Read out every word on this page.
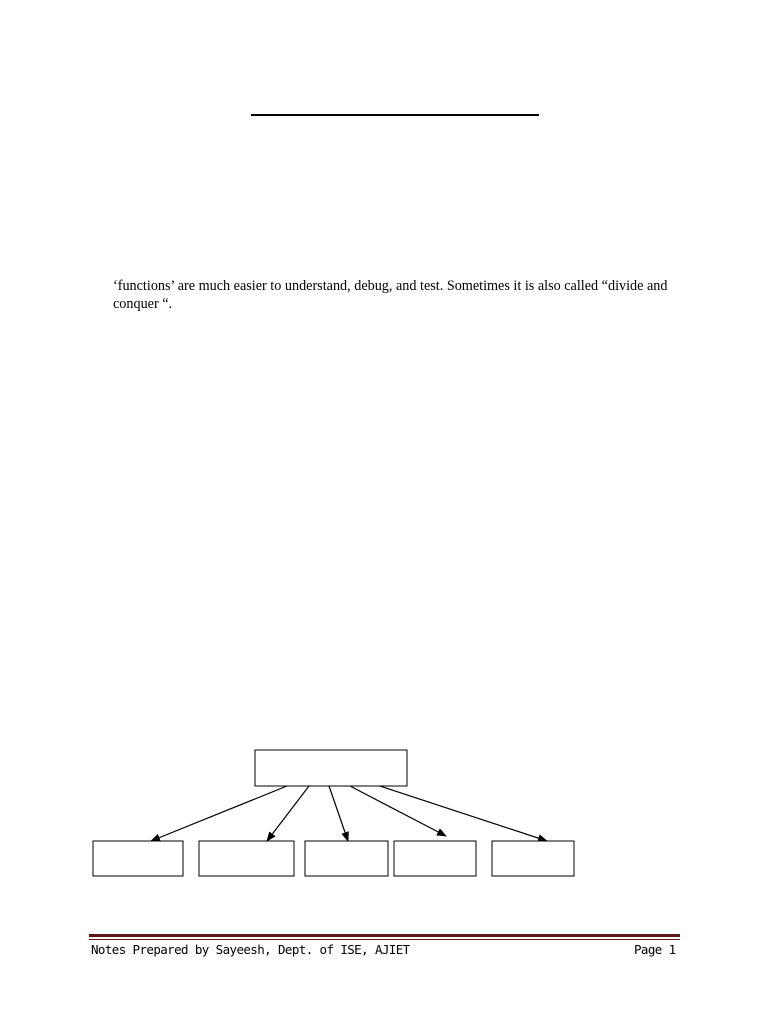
‘functions’ are much easier to understand, debug, and test. Sometimes it is also called “divide and conquer “.

Notes Prepared by Sayeesh, Dept. of ISE, AJIET	Page 1
